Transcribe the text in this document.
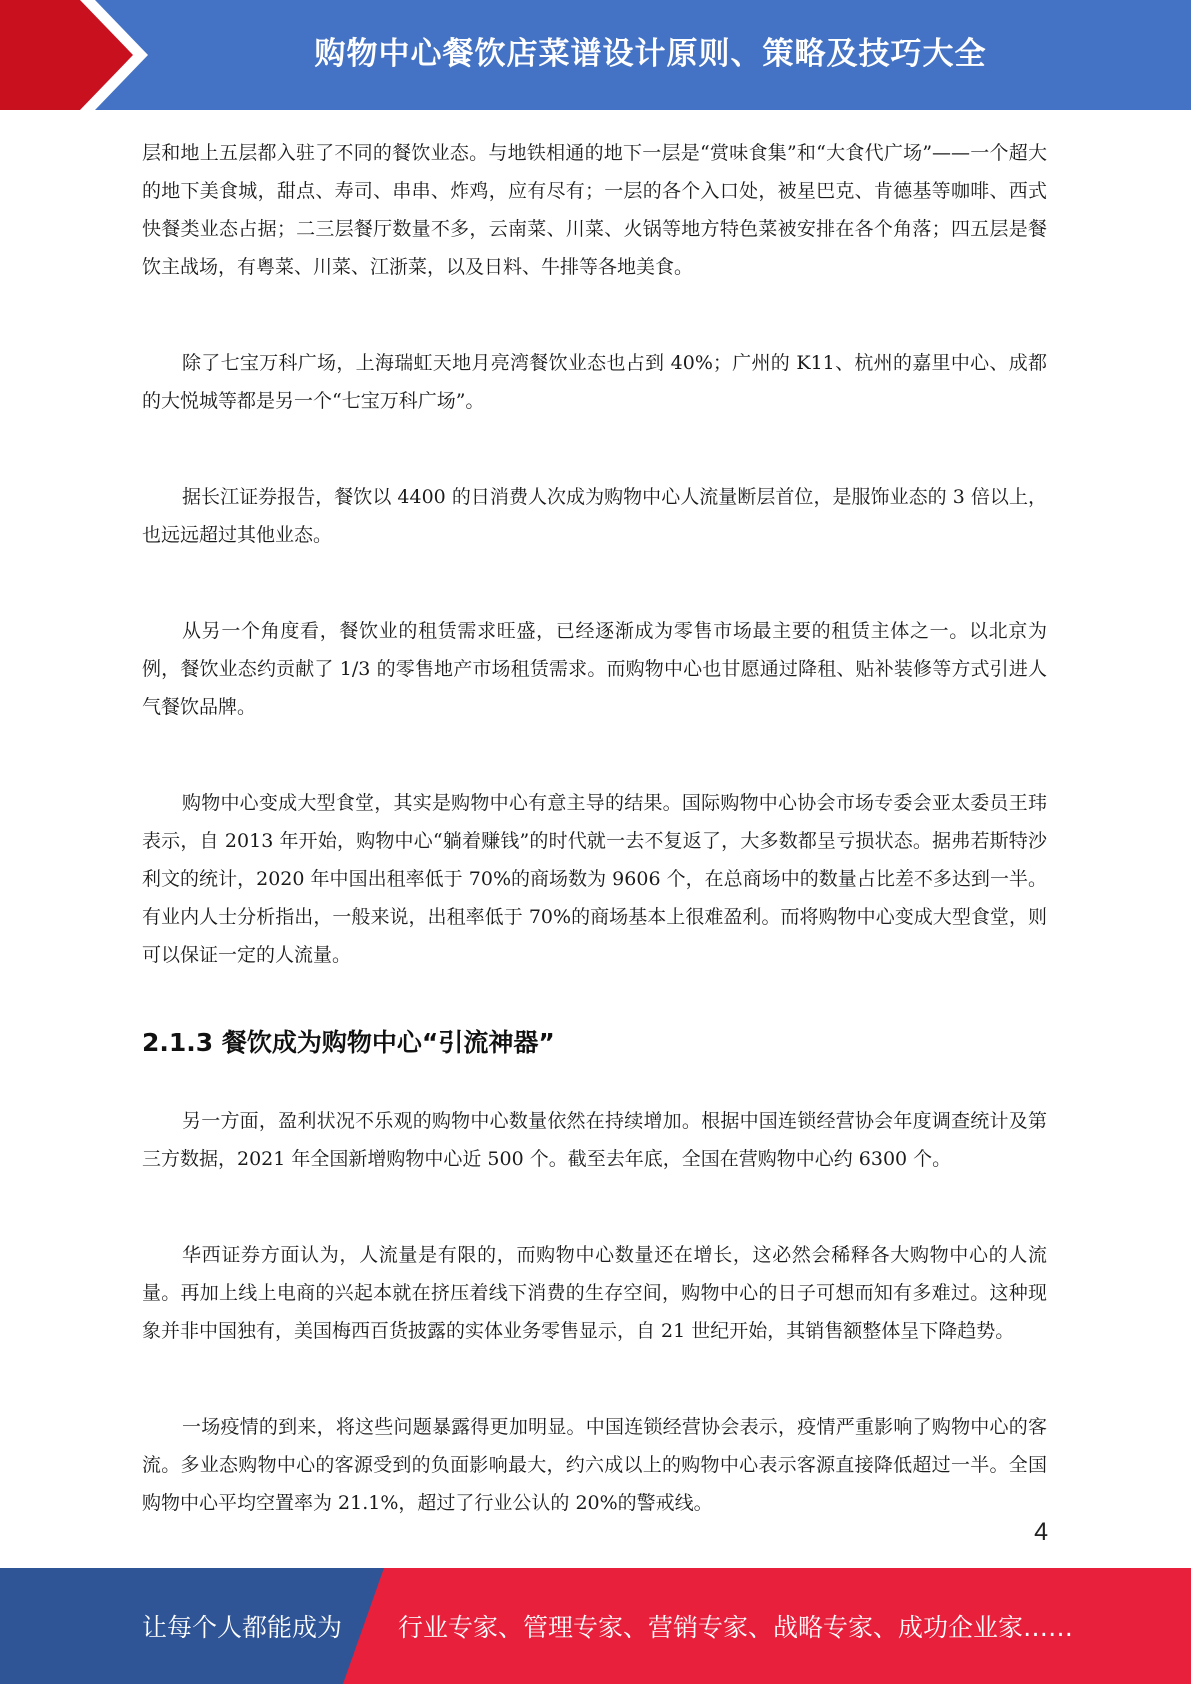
购物中心餐饮店菜谱设计原则、策略及技巧大全

层和地上五层都入驻了不同的餐饮业态。与地铁相通的地下一层是“赏味食集”和“大食代广场”——一个超大的地下美食城，甜点、寿司、串串、炸鸡，应有尽有；一层的各个入口处，被星巴克、肯德基等咖啡、西式快餐类业态占据；二三层餐厅数量不多，云南菜、川菜、火锅等地方特色菜被安排在各个角落；四五层是餐饮主战场，有粤菜、川菜、江浙菜，以及日料、牛排等各地美食。

除了七宝万科广场，上海瑞虹天地月亮湾餐饮业态也占到 40%；广州的 K11、杭州的嘉里中心、成都的大悦城等都是另一个“七宝万科广场”。

据长江证券报告，餐饮以 4400 的日消费人次成为购物中心人流量断层首位，是服饰业态的 3 倍以上，也远远超过其他业态。

从另一个角度看，餐饮业的租赁需求旺盛，已经逐渐成为零售市场最主要的租赁主体之一。以北京为例，餐饮业态约贡献了 1/3 的零售地产市场租赁需求。而购物中心也甘愿通过降租、贴补装修等方式引进人气餐饮品牌。

购物中心变成大型食堂，其实是购物中心有意主导的结果。国际购物中心协会市场专委会亚太委员王玮表示，自 2013 年开始，购物中心“躺着赚钱”的时代就一去不复返了，大多数都呈亏损状态。据弗若斯特沙利文的统计，2020 年中国出租率低于 70%的商场数为 9606 个，在总商场中的数量占比差不多达到一半。有业内人士分析指出，一般来说，出租率低于 70%的商场基本上很难盈利。而将购物中心变成大型食堂，则可以保证一定的人流量。

2.1.3 餐饮成为购物中心“引流神器”

另一方面，盈利状况不乐观的购物中心数量依然在持续增加。根据中国连锁经营协会年度调查统计及第三方数据，2021 年全国新增购物中心近 500 个。截至去年底，全国在营购物中心约 6300 个。

华西证券方面认为，人流量是有限的，而购物中心数量还在增长，这必然会稀释各大购物中心的人流量。再加上线上电商的兴起本就在挤压着线下消费的生存空间，购物中心的日子可想而知有多难过。这种现象并非中国独有，美国梅西百货披露的实体业务零售显示，自 21 世纪开始，其销售额整体呈下降趋势。

一场疫情的到来，将这些问题暴露得更加明显。中国连锁经营协会表示，疫情严重影响了购物中心的客流。多业态购物中心的客源受到的负面影响最大，约六成以上的购物中心表示客源直接降低超过一半。全国购物中心平均空置率为 21.1%，超过了行业公认的 20%的警戒线。

4
让每个人都能成为 行业专家、管理专家、营销专家、战略专家、成功企业家……
